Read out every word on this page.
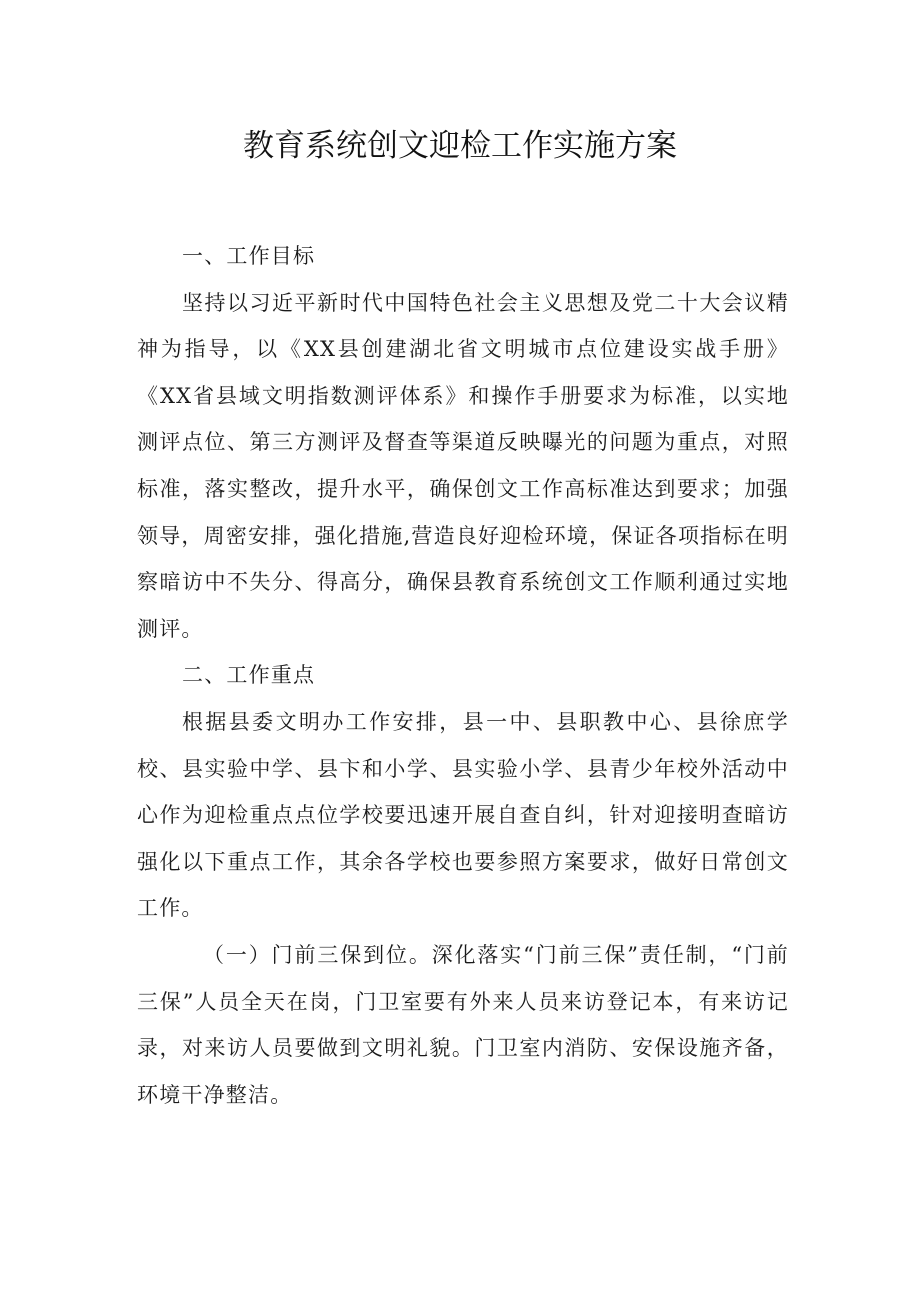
教育系统创文迎检工作实施方案

一、工作目标

坚持以习近平新时代中国特色社会主义思想及党二十大会议精神为指导，以《XX县创建湖北省文明城市点位建设实战手册》《XX省县域文明指数测评体系》和操作手册要求为标准，以实地测评点位、第三方测评及督查等渠道反映曝光的问题为重点，对照标准，落实整改，提升水平，确保创文工作高标准达到要求；加强领导，周密安排，强化措施,营造良好迎检环境，保证各项指标在明察暗访中不失分、得高分，确保县教育系统创文工作顺利通过实地测评。

二、工作重点

根据县委文明办工作安排，县一中、县职教中心、县徐庶学校、县实验中学、县卞和小学、县实验小学、县青少年校外活动中心作为迎检重点点位学校要迅速开展自查自纠，针对迎接明查暗访强化以下重点工作，其余各学校也要参照方案要求，做好日常创文工作。

（一）门前三保到位。深化落实“门前三保”责任制，“门前三保”人员全天在岗，门卫室要有外来人员来访登记本，有来访记录，对来访人员要做到文明礼貌。门卫室内消防、安保设施齐备，环境干净整洁。
